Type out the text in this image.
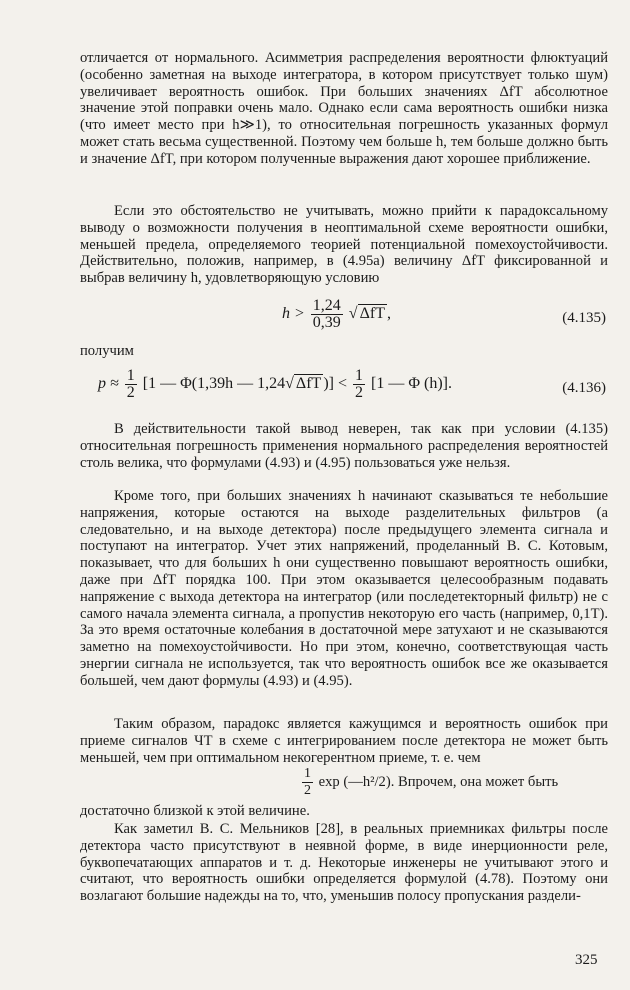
отличается от нормального. Асимметрия распределения вероятности флюктуаций (особенно заметная на выходе интегратора, в котором присутствует только шум) увеличивает вероятность ошибок. При больших значениях ΔfT абсолютное значение этой поправки очень мало. Однако если сама вероятность ошибки низка (что имеет место при h≫1), то относительная погрешность указанных формул может стать весьма существенной. Поэтому чем больше h, тем больше должно быть и значение ΔfT, при котором полученные выражения дают хорошее приближение.

Если это обстоятельство не учитывать, можно прийти к парадоксальному выводу о возможности получения в неоптимальной схеме вероятности ошибки, меньшей предела, определяемого теорией потенциальной помехоустойчивости. Действительно, положив, например, в (4.95а) величину ΔfT фиксированной и выбрав величину h, удовлетворяющую условию

$h > \frac{1,24}{0,39}$ √ ΔfT ,	(4.135)
получим
$p \approx \frac{1}{2} [1$ — Φ(1,39h — 1,24√ ΔfT )] < $\frac{1}{2} [1$ — Φ (h)].	(4.136)

В действительности такой вывод неверен, так как при условии (4.135) относительная погрешность применения нормального распределения вероятностей столь велика, что формулами (4.93) и (4.95) пользоваться уже нельзя.

Кроме того, при больших значениях h начинают сказываться те небольшие напряжения, которые остаются на выходе разделительных фильтров (а следовательно, и на выходе детектора) после предыдущего элемента сигнала и поступают на интегратор. Учет этих напряжений, проделанный В. С. Котовым, показывает, что для больших h они существенно повышают вероятность ошибки, даже при ΔfT порядка 100. При этом оказывается целесообразным подавать напряжение с выхода детектора на интегратор (или последетекторный фильтр) не с самого начала элемента сигнала, а пропустив некоторую его часть (например, 0,1T). За это время остаточные колебания в достаточной мере затухают и не сказываются заметно на помехоустойчивости. Но при этом, конечно, соответствующая часть энергии сигнала не используется, так что вероятность ошибок все же оказывается большей, чем дают формулы (4.93) и (4.95).

Таким образом, парадокс является кажущимся и вероятность ошибок при приеме сигналов ЧТ в схеме с интегрированием после детектора не может быть меньшей, чем при оптимальном некогерентном приеме, т. е. чем

$\frac{1}{2}$ exp (—h²/2). Впрочем, она может быть
достаточно близкой к этой величине.

Как заметил В. С. Мельников [28], в реальных приемниках фильтры после детектора часто присутствуют в неявной форме, в виде инерционности реле, буквопечатающих аппаратов и т. д. Некоторые инженеры не учитывают этого и считают, что вероятность ошибки определяется формулой (4.78). Поэтому они возлагают большие надежды на то, что, уменьшив полосу пропускания раздели-

325
